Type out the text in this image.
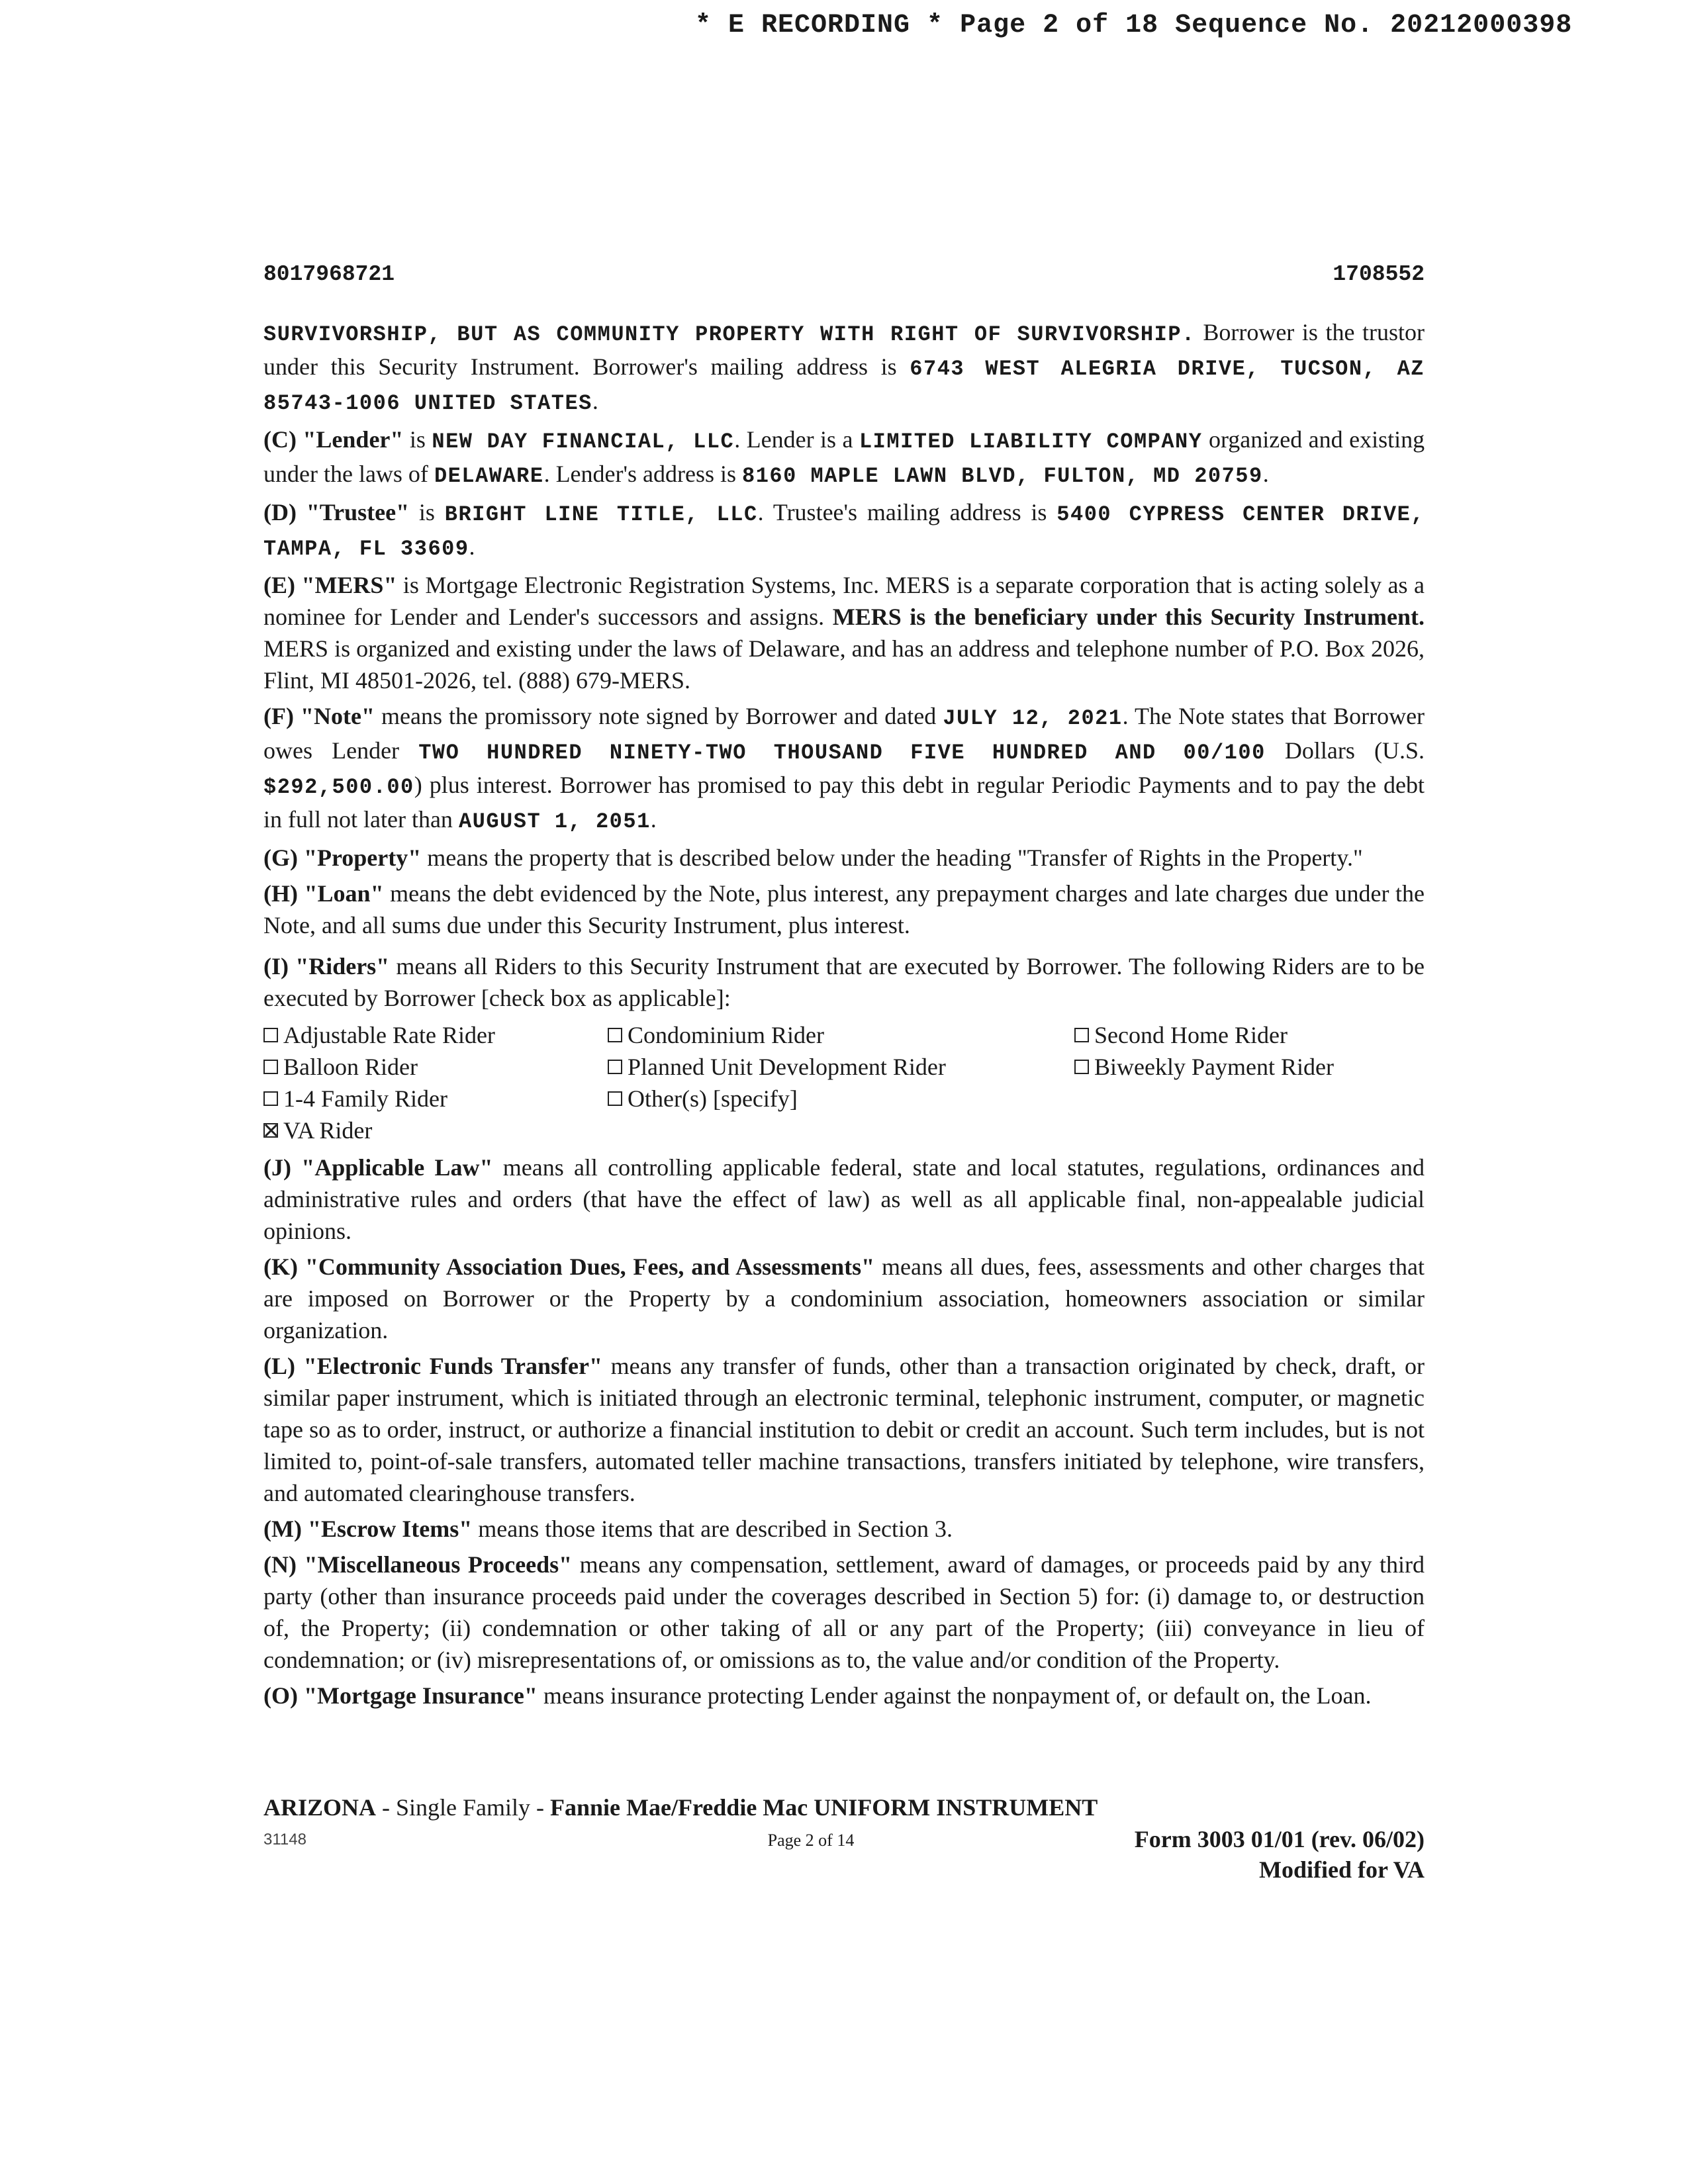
* E RECORDING * Page 2 of 18 Sequence No. 20212000398
8017968721	1708552

SURVIVORSHIP, BUT AS COMMUNITY PROPERTY WITH RIGHT OF SURVIVORSHIP. Borrower is the trustor under this Security Instrument. Borrower's mailing address is 6743 WEST ALEGRIA DRIVE, TUCSON, AZ 85743-1006 UNITED STATES.

(C) "Lender" is NEW DAY FINANCIAL, LLC. Lender is a LIMITED LIABILITY COMPANY organized and existing under the laws of DELAWARE. Lender's address is 8160 MAPLE LAWN BLVD, FULTON, MD 20759.

(D) "Trustee" is BRIGHT LINE TITLE, LLC. Trustee's mailing address is 5400 CYPRESS CENTER DRIVE, TAMPA, FL 33609.

(E) "MERS" is Mortgage Electronic Registration Systems, Inc. MERS is a separate corporation that is acting solely as a nominee for Lender and Lender's successors and assigns. MERS is the beneficiary under this Security Instrument. MERS is organized and existing under the laws of Delaware, and has an address and telephone number of P.O. Box 2026, Flint, MI 48501-2026, tel. (888) 679-MERS.

(F) "Note" means the promissory note signed by Borrower and dated JULY 12, 2021. The Note states that Borrower owes Lender TWO HUNDRED NINETY-TWO THOUSAND FIVE HUNDRED AND 00/100 Dollars (U.S. $292,500.00) plus interest. Borrower has promised to pay this debt in regular Periodic Payments and to pay the debt in full not later than AUGUST 1, 2051.

(G) "Property" means the property that is described below under the heading "Transfer of Rights in the Property."

(H) "Loan" means the debt evidenced by the Note, plus interest, any prepayment charges and late charges due under the Note, and all sums due under this Security Instrument, plus interest.

(I) "Riders" means all Riders to this Security Instrument that are executed by Borrower. The following Riders are to be executed by Borrower [check box as applicable]:

Adjustable Rate Rider	Condominium Rider	Second Home Rider
Balloon Rider	Planned Unit Development Rider	Biweekly Payment Rider
1-4 Family Rider	Other(s) [specify]
VA Rider

(J) "Applicable Law" means all controlling applicable federal, state and local statutes, regulations, ordinances and administrative rules and orders (that have the effect of law) as well as all applicable final, non-appealable judicial opinions.

(K) "Community Association Dues, Fees, and Assessments" means all dues, fees, assessments and other charges that are imposed on Borrower or the Property by a condominium association, homeowners association or similar organization.

(L) "Electronic Funds Transfer" means any transfer of funds, other than a transaction originated by check, draft, or similar paper instrument, which is initiated through an electronic terminal, telephonic instrument, computer, or magnetic tape so as to order, instruct, or authorize a financial institution to debit or credit an account. Such term includes, but is not limited to, point-of-sale transfers, automated teller machine transactions, transfers initiated by telephone, wire transfers, and automated clearinghouse transfers.

(M) "Escrow Items" means those items that are described in Section 3.

(N) "Miscellaneous Proceeds" means any compensation, settlement, award of damages, or proceeds paid by any third party (other than insurance proceeds paid under the coverages described in Section 5) for: (i) damage to, or destruction of, the Property; (ii) condemnation or other taking of all or any part of the Property; (iii) conveyance in lieu of condemnation; or (iv) misrepresentations of, or omissions as to, the value and/or condition of the Property.

(O) "Mortgage Insurance" means insurance protecting Lender against the nonpayment of, or default on, the Loan.

ARIZONA - Single Family - Fannie Mae/Freddie Mac UNIFORM INSTRUMENT
31148	Page 2 of 14	Form 3003 01/01 (rev. 06/02)
Modified for VA
